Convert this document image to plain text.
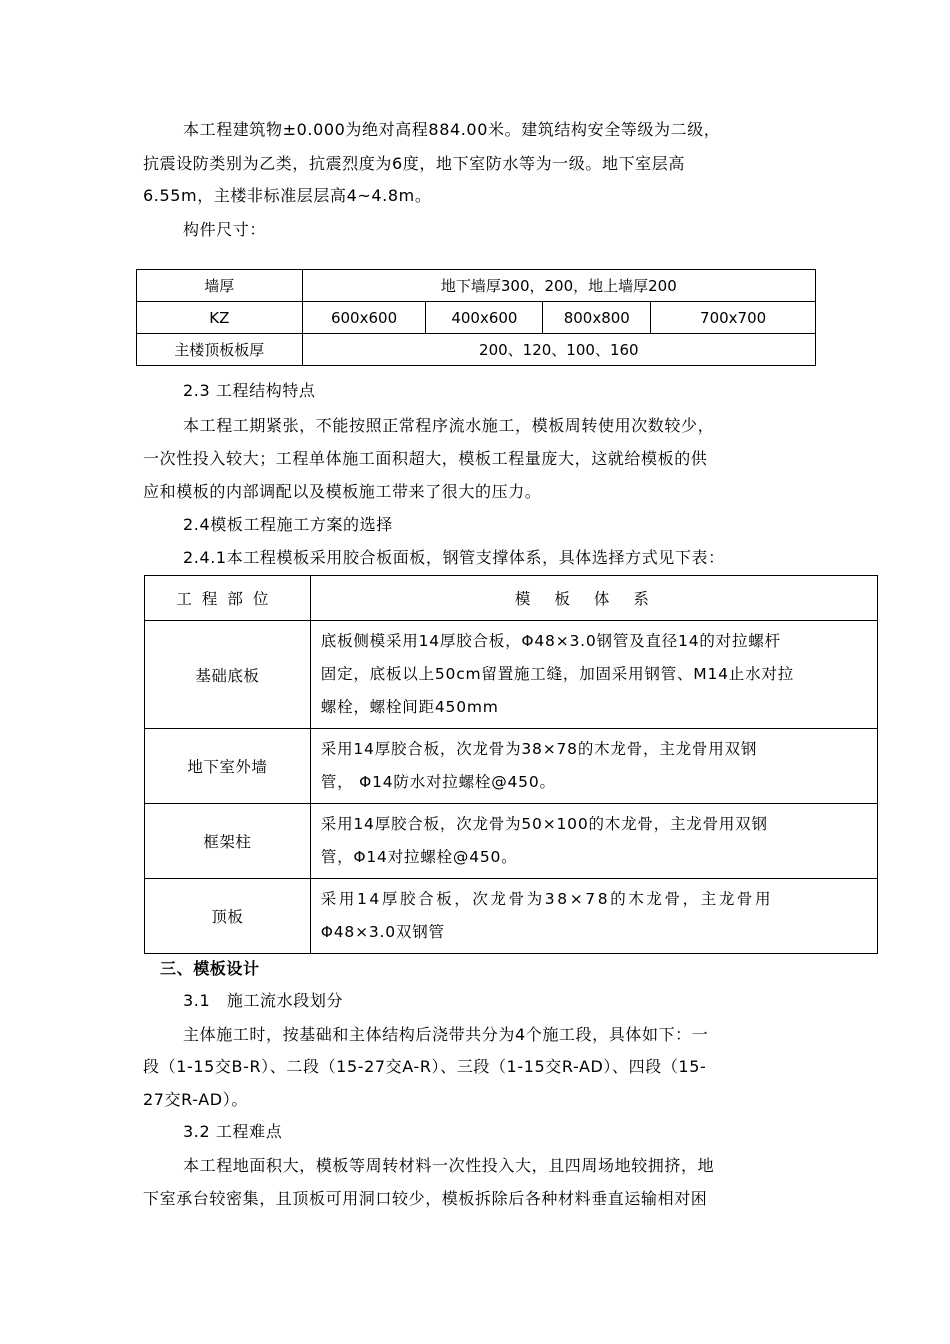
本工程建筑物±0.000为绝对高程884.00米。建筑结构安全等级为二级，
抗震设防类别为乙类，抗震烈度为6度，地下室防水等为一级。地下室层高
6.55m，主楼非标准层层高4~4.8m。
构件尺寸：
墙厚	地下墙厚300，200，地上墙厚200			
KZ	600x600	400x600	800x800	700x700
主楼顶板板厚	200、120、100、160			
2.3 工程结构特点
本工程工期紧张，不能按照正常程序流水施工，模板周转使用次数较少，
一次性投入较大；工程单体施工面积超大，模板工程量庞大，这就给模板的供
应和模板的内部调配以及模板施工带来了很大的压力。
2.4模板工程施工方案的选择
2.4.1本工程模板采用胶合板面板，钢管支撑体系，具体选择方式见下表：
工程部位	模板体系
基础底板	底板侧模采用14厚胶合板，Φ48×3.0钢管及直径14的对拉螺杆
固定，底板以上50cm留置施工缝，加固采用钢管、M14止水对拉
螺栓，螺栓间距450mm

地下室外墙	采用14厚胶合板，次龙骨为38×78的木龙骨，主龙骨用双钢
管， Φ14防水对拉螺栓@450。

框架柱	采用14厚胶合板，次龙骨为50×100的木龙骨，主龙骨用双钢
管，Φ14对拉螺栓@450。

顶板	采用14厚胶合板，次龙骨为38×78的木龙骨，主龙骨用
Φ48×3.0双钢管
三、模板设计
3.1　施工流水段划分
主体施工时，按基础和主体结构后浇带共分为4个施工段，具体如下：一
段（1-15交B-R）、二段（15-27交A-R）、三段（1-15交R-AD）、四段（15-
27交R-AD）。
3.2 工程难点
本工程地面积大，模板等周转材料一次性投入大，且四周场地较拥挤，地
下室承台较密集，且顶板可用洞口较少，模板拆除后各种材料垂直运输相对困
